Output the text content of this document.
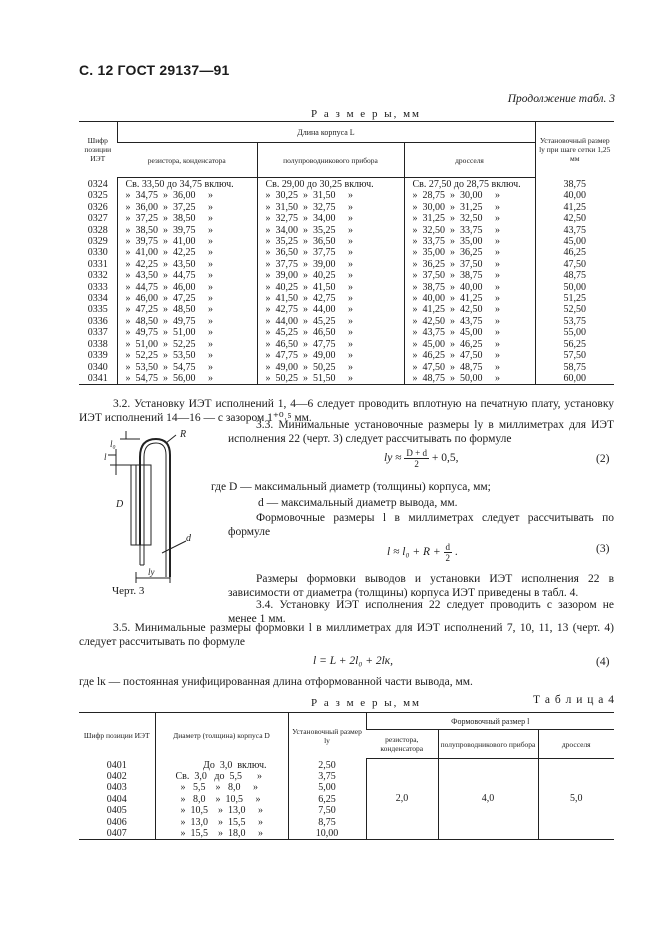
С. 12 ГОСТ 29137—91
Продолжение табл. 3
Р а з м е р ы, мм
Шифр позиции ИЭТ	Длина корпуса L			Установочный размер lу при шаге сетки 1,25 мм
	резистора, конденсатора	полупроводникового прибора	дросселя	
0324	Св. 33,50 до 34,75 включ.	Св. 29,00 до 30,25 включ.	Св. 27,50 до 28,75 включ.	38,75
0325	»  34,75  »  36,00     »	»  30,25  »  31,50     »	»  28,75  »  30,00     »	40,00
0326	»  36,00  »  37,25     »	»  31,50  »  32,75     »	»  30,00  »  31,25     »	41,25
0327	»  37,25  »  38,50     »	»  32,75  »  34,00     »	»  31,25  »  32,50     »	42,50
0328	»  38,50  »  39,75     »	»  34,00  »  35,25     »	»  32,50  »  33,75     »	43,75
0329	»  39,75  »  41,00     »	»  35,25  »  36,50     »	»  33,75  »  35,00     »	45,00
0330	»  41,00  »  42,25     »	»  36,50  »  37,75     »	»  35,00  »  36,25     »	46,25
0331	»  42,25  »  43,50     »	»  37,75  »  39,00     »	»  36,25  »  37,50     »	47,50
0332	»  43,50  »  44,75     »	»  39,00  »  40,25     »	»  37,50  »  38,75     »	48,75
0333	»  44,75  »  46,00     »	»  40,25  »  41,50     »	»  38,75  »  40,00     »	50,00
0334	»  46,00  »  47,25     »	»  41,50  »  42,75     »	»  40,00  »  41,25     »	51,25
0335	»  47,25  »  48,50     »	»  42,75  »  44,00     »	»  41,25  »  42,50     »	52,50
0336	»  48,50  »  49,75     »	»  44,00  »  45,25     »	»  42,50  »  43,75     »	53,75
0337	»  49,75  »  51,00     »	»  45,25  »  46,50     »	»  43,75  »  45,00     »	55,00
0338	»  51,00  »  52,25     »	»  46,50  »  47,75     »	»  45,00  »  46,25     »	56,25
0339	»  52,25  »  53,50     »	»  47,75  »  49,00     »	»  46,25  »  47,50     »	57,50
0340	»  53,50  »  54,75     »	»  49,00  »  50,25     »	»  47,50  »  48,75     »	58,75
0341	»  54,75  »  56,00     »	»  50,25  »  51,50     »	»  48,75  »  50,00     »	60,00
3.2. Установку ИЭТ исполнений 1, 4—6 следует проводить вплотную на печатную плату, установку ИЭТ исполнений 14—16 — с зазором 1⁺⁰˒⁵ мм.
R
l₀
l
D
d
lу
3.3. Минимальные установочные размеры lу в миллиметрах для ИЭТ исполнения 22 (черт. 3) следует рассчитывать по формуле
lу ≈ $\frac{D + d}{2} + 0,5$,	(2)
где D — максимальный диаметр (толщины) корпуса, мм;
d — максимальный диаметр вывода, мм.
Формовочные размеры l в миллиметрах следует рассчитывать по формуле
$l \approx l_0 + R + \frac{d}{2}$ .	(3)
Размеры формовки выводов и установки ИЭТ исполнения 22 в зависимости от диаметра (толщины) корпуса ИЭТ приведены в табл. 4.
3.4. Установку ИЭТ исполнения 22 следует проводить с зазором не менее 1 мм.
Черт. 3
3.5. Минимальные размеры формовки l в миллиметрах для ИЭТ исполнений 7, 10, 11, 13 (черт. 4) следует рассчитывать по формуле
l = L + 2l₀ + 2lк,	(4)
где lк — постоянная унифицированная длина отформованной части вывода, мм.
Р а з м е р ы, мм	Т а б л и ц а 4
Шифр позиции ИЭТ	Диаметр (толщина) корпуса D	Установочный размер lу	Формовочный размер l		
			резистора, конденсатора	полупроводникового прибора	дросселя
0401	До  3,0  включ.	2,50	2,0	4,0	5,0
0402	Св.  3,0   до  5,5      »	3,75			
0403	»   5,5    »   8,0     »	5,00			
0404	»   8,0    »  10,5     »	6,25			
0405	»  10,5    »  13,0     »	7,50			
0406	»  13,0    »  15,5     »	8,75			
0407	»  15,5    »  18,0     »	10,00			
